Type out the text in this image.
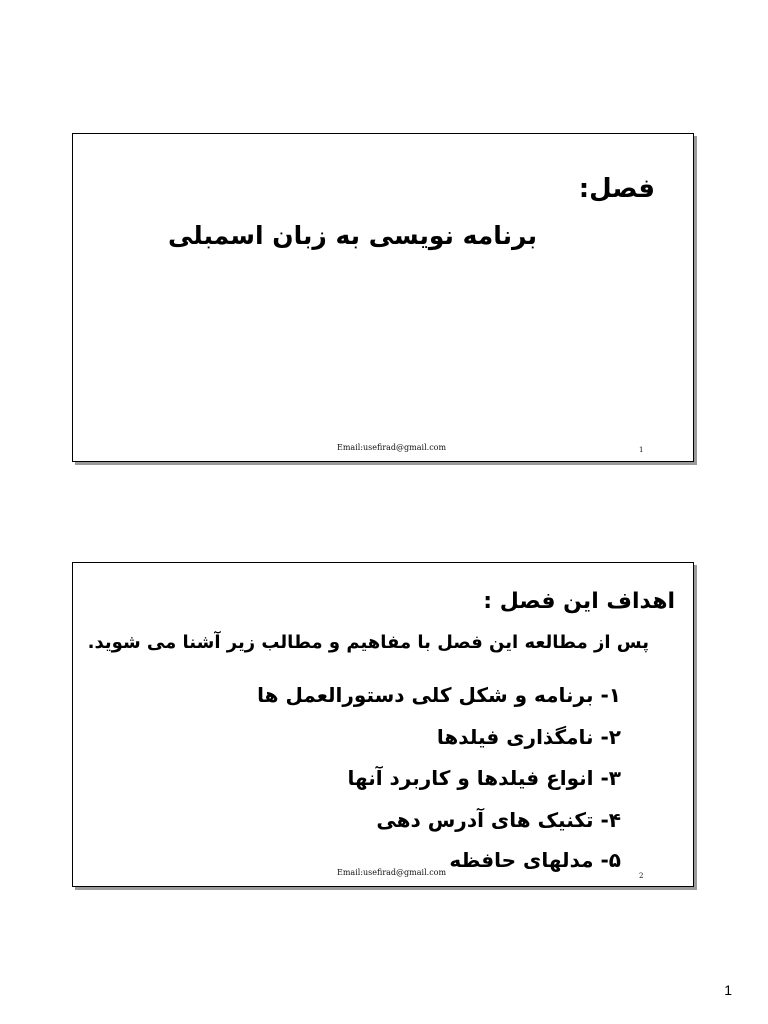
فصل:
برنامه نویسی به زبان اسمبلی
Email:usefirad@gmail.com	1
اهداف این فصل :
پس از مطالعه این فصل با مفاهیم و مطالب زیر آشنا می شوید.
۱- برنامه و شکل کلی دستورالعمل ها
۲- نامگذاری فیلدها
۳- انواع فیلدها و کاربرد آنها
۴- تکنیک های آدرس دهی
۵- مدلهای حافظه
Email:usefirad@gmail.com	2
1
